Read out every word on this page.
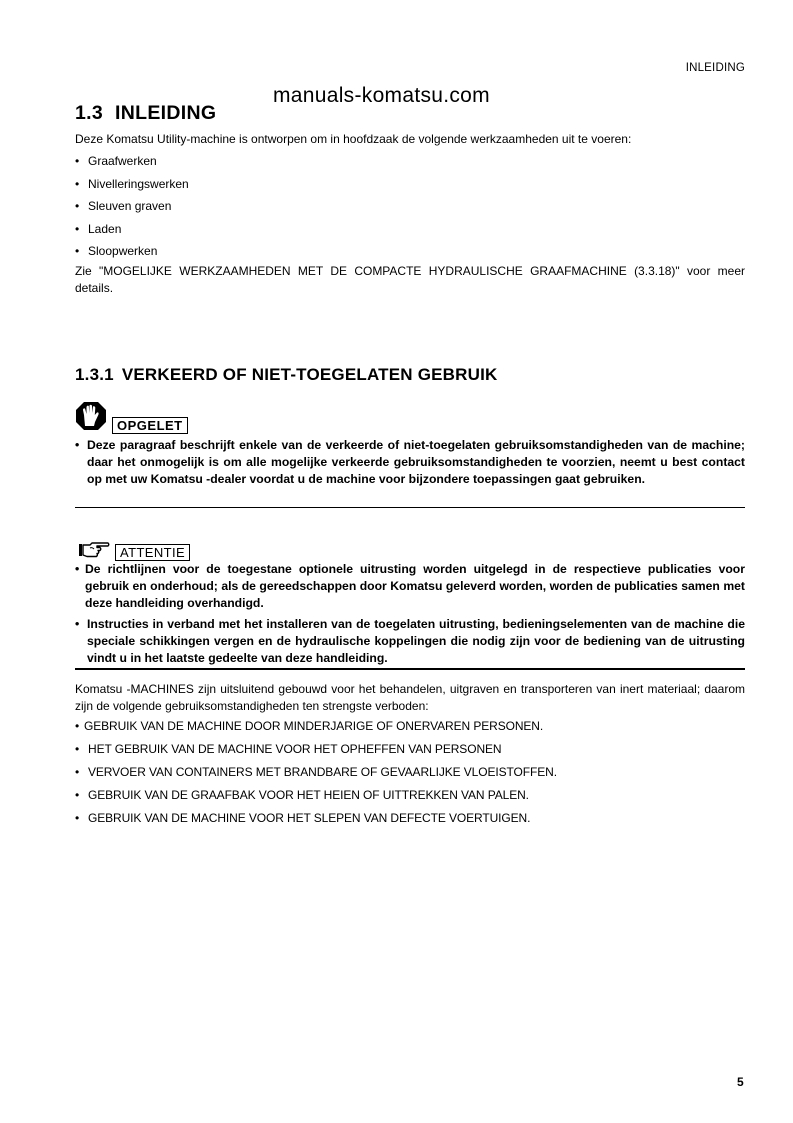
INLEIDING
manuals-komatsu.com
1.3 INLEIDING
Deze Komatsu Utility-machine is ontworpen om in hoofdzaak de volgende werkzaamheden uit te voeren:
• Graafwerken
• Nivelleringswerken
• Sleuven graven
• Laden
• Sloopwerken
Zie "MOGELIJKE WERKZAAMHEDEN MET DE COMPACTE HYDRAULISCHE GRAAFMACHINE (3.3.18)" voor meer details.
1.3.1 VERKEERD OF NIET-TOEGELATEN GEBRUIK
OPGELET
• Deze paragraaf beschrijft enkele van de verkeerde of niet-toegelaten gebruiksomstandigheden van de machine; daar het onmogelijk is om alle mogelijke verkeerde gebruiksomstandigheden te voorzien, neemt u best contact op met uw Komatsu -dealer voordat u de machine voor bijzondere toepassingen gaat gebruiken.
ATTENTIE
• De richtlijnen voor de toegestane optionele uitrusting worden uitgelegd in de respectieve publicaties voor gebruik en onderhoud; als de gereedschappen door Komatsu geleverd worden, worden de publicaties samen met deze handleiding overhandigd.
• Instructies in verband met het installeren van de toegelaten uitrusting, bedieningselementen van de machine die speciale schikkingen vergen en de hydraulische koppelingen die nodig zijn voor de bediening van de uitrusting vindt u in het laatste gedeelte van deze handleiding.
Komatsu -MACHINES zijn uitsluitend gebouwd voor het behandelen, uitgraven en transporteren van inert materiaal; daarom zijn de volgende gebruiksomstandigheden ten strengste verboden:
• GEBRUIK VAN DE MACHINE DOOR MINDERJARIGE OF ONERVAREN PERSONEN.
• HET GEBRUIK VAN DE MACHINE VOOR HET OPHEFFEN VAN PERSONEN
• VERVOER VAN CONTAINERS MET BRANDBARE OF GEVAARLIJKE VLOEISTOFFEN.
• GEBRUIK VAN DE GRAAFBAK VOOR HET HEIEN OF UITTREKKEN VAN PALEN.
• GEBRUIK VAN DE MACHINE VOOR HET SLEPEN VAN DEFECTE VOERTUIGEN.
5
